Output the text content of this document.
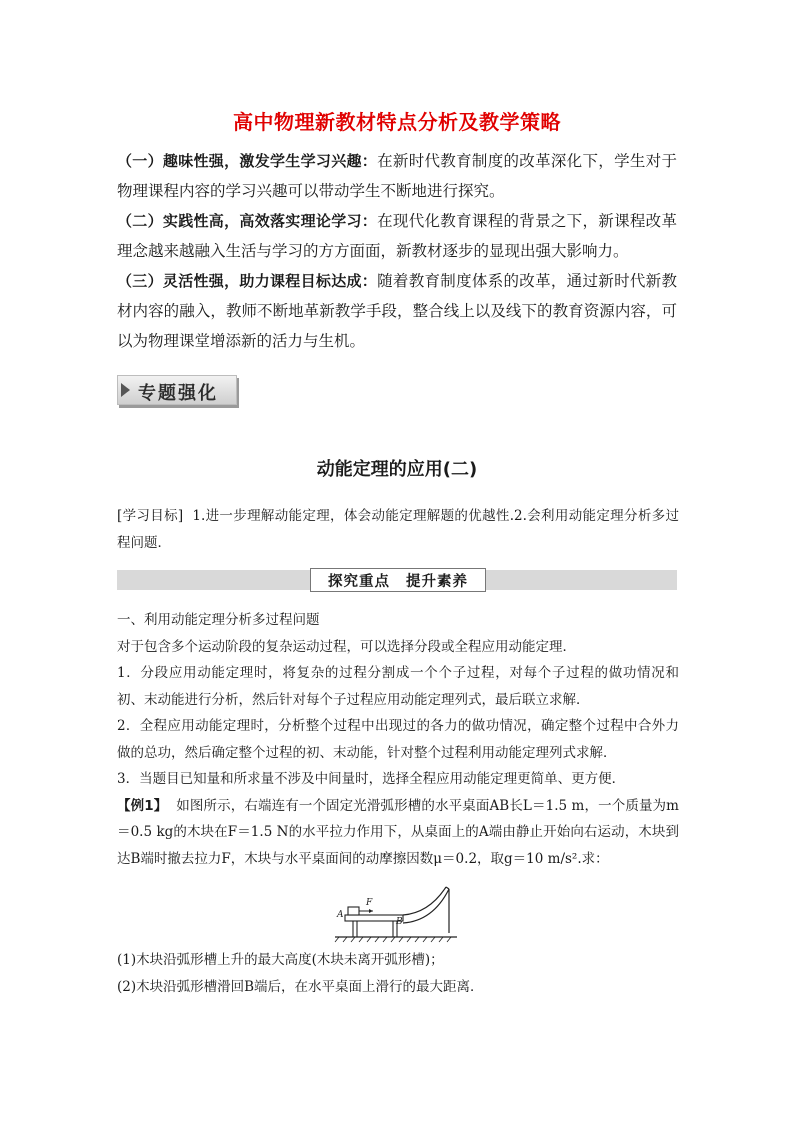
高中物理新教材特点分析及教学策略

（一）趣味性强，激发学生学习兴趣：在新时代教育制度的改革深化下，学生对于物理课程内容的学习兴趣可以带动学生不断地进行探究。

（二）实践性高，高效落实理论学习：在现代化教育课程的背景之下，新课程改革理念越来越融入生活与学习的方方面面，新教材逐步的显现出强大影响力。

（三）灵活性强，助力课程目标达成：随着教育制度体系的改革，通过新时代新教材内容的融入，教师不断地革新教学手段，整合线上以及线下的教育资源内容，可以为物理课堂增添新的活力与生机。

专题强化
动能定理的应用(二)

[学习目标] 1.进一步理解动能定理，体会动能定理解题的优越性.2.会利用动能定理分析多过程问题．

探究重点 提升素养

一、利用动能定理分析多过程问题

对于包含多个运动阶段的复杂运动过程，可以选择分段或全程应用动能定理．

1．分段应用动能定理时，将复杂的过程分割成一个个子过程，对每个子过程的做功情况和初、末动能进行分析，然后针对每个子过程应用动能定理列式，最后联立求解．

2．全程应用动能定理时，分析整个过程中出现过的各力的做功情况，确定整个过程中合外力做的总功，然后确定整个过程的初、末动能，针对整个过程利用动能定理列式求解．

3．当题目已知量和所求量不涉及中间量时，选择全程应用动能定理更简单、更方便．

【例1】 如图所示，右端连有一个固定光滑弧形槽的水平桌面AB长L＝1.5 m，一个质量为m＝0.5 kg的木块在F＝1.5 N的水平拉力作用下，从桌面上的A端由静止开始向右运动，木块到达B端时撤去拉力F，木块与水平桌面间的动摩擦因数μ＝0.2，取g＝10 m/s².求：

F
A
B

(1)木块沿弧形槽上升的最大高度(木块未离开弧形槽)；

(2)木块沿弧形槽滑回B端后，在水平桌面上滑行的最大距离．
